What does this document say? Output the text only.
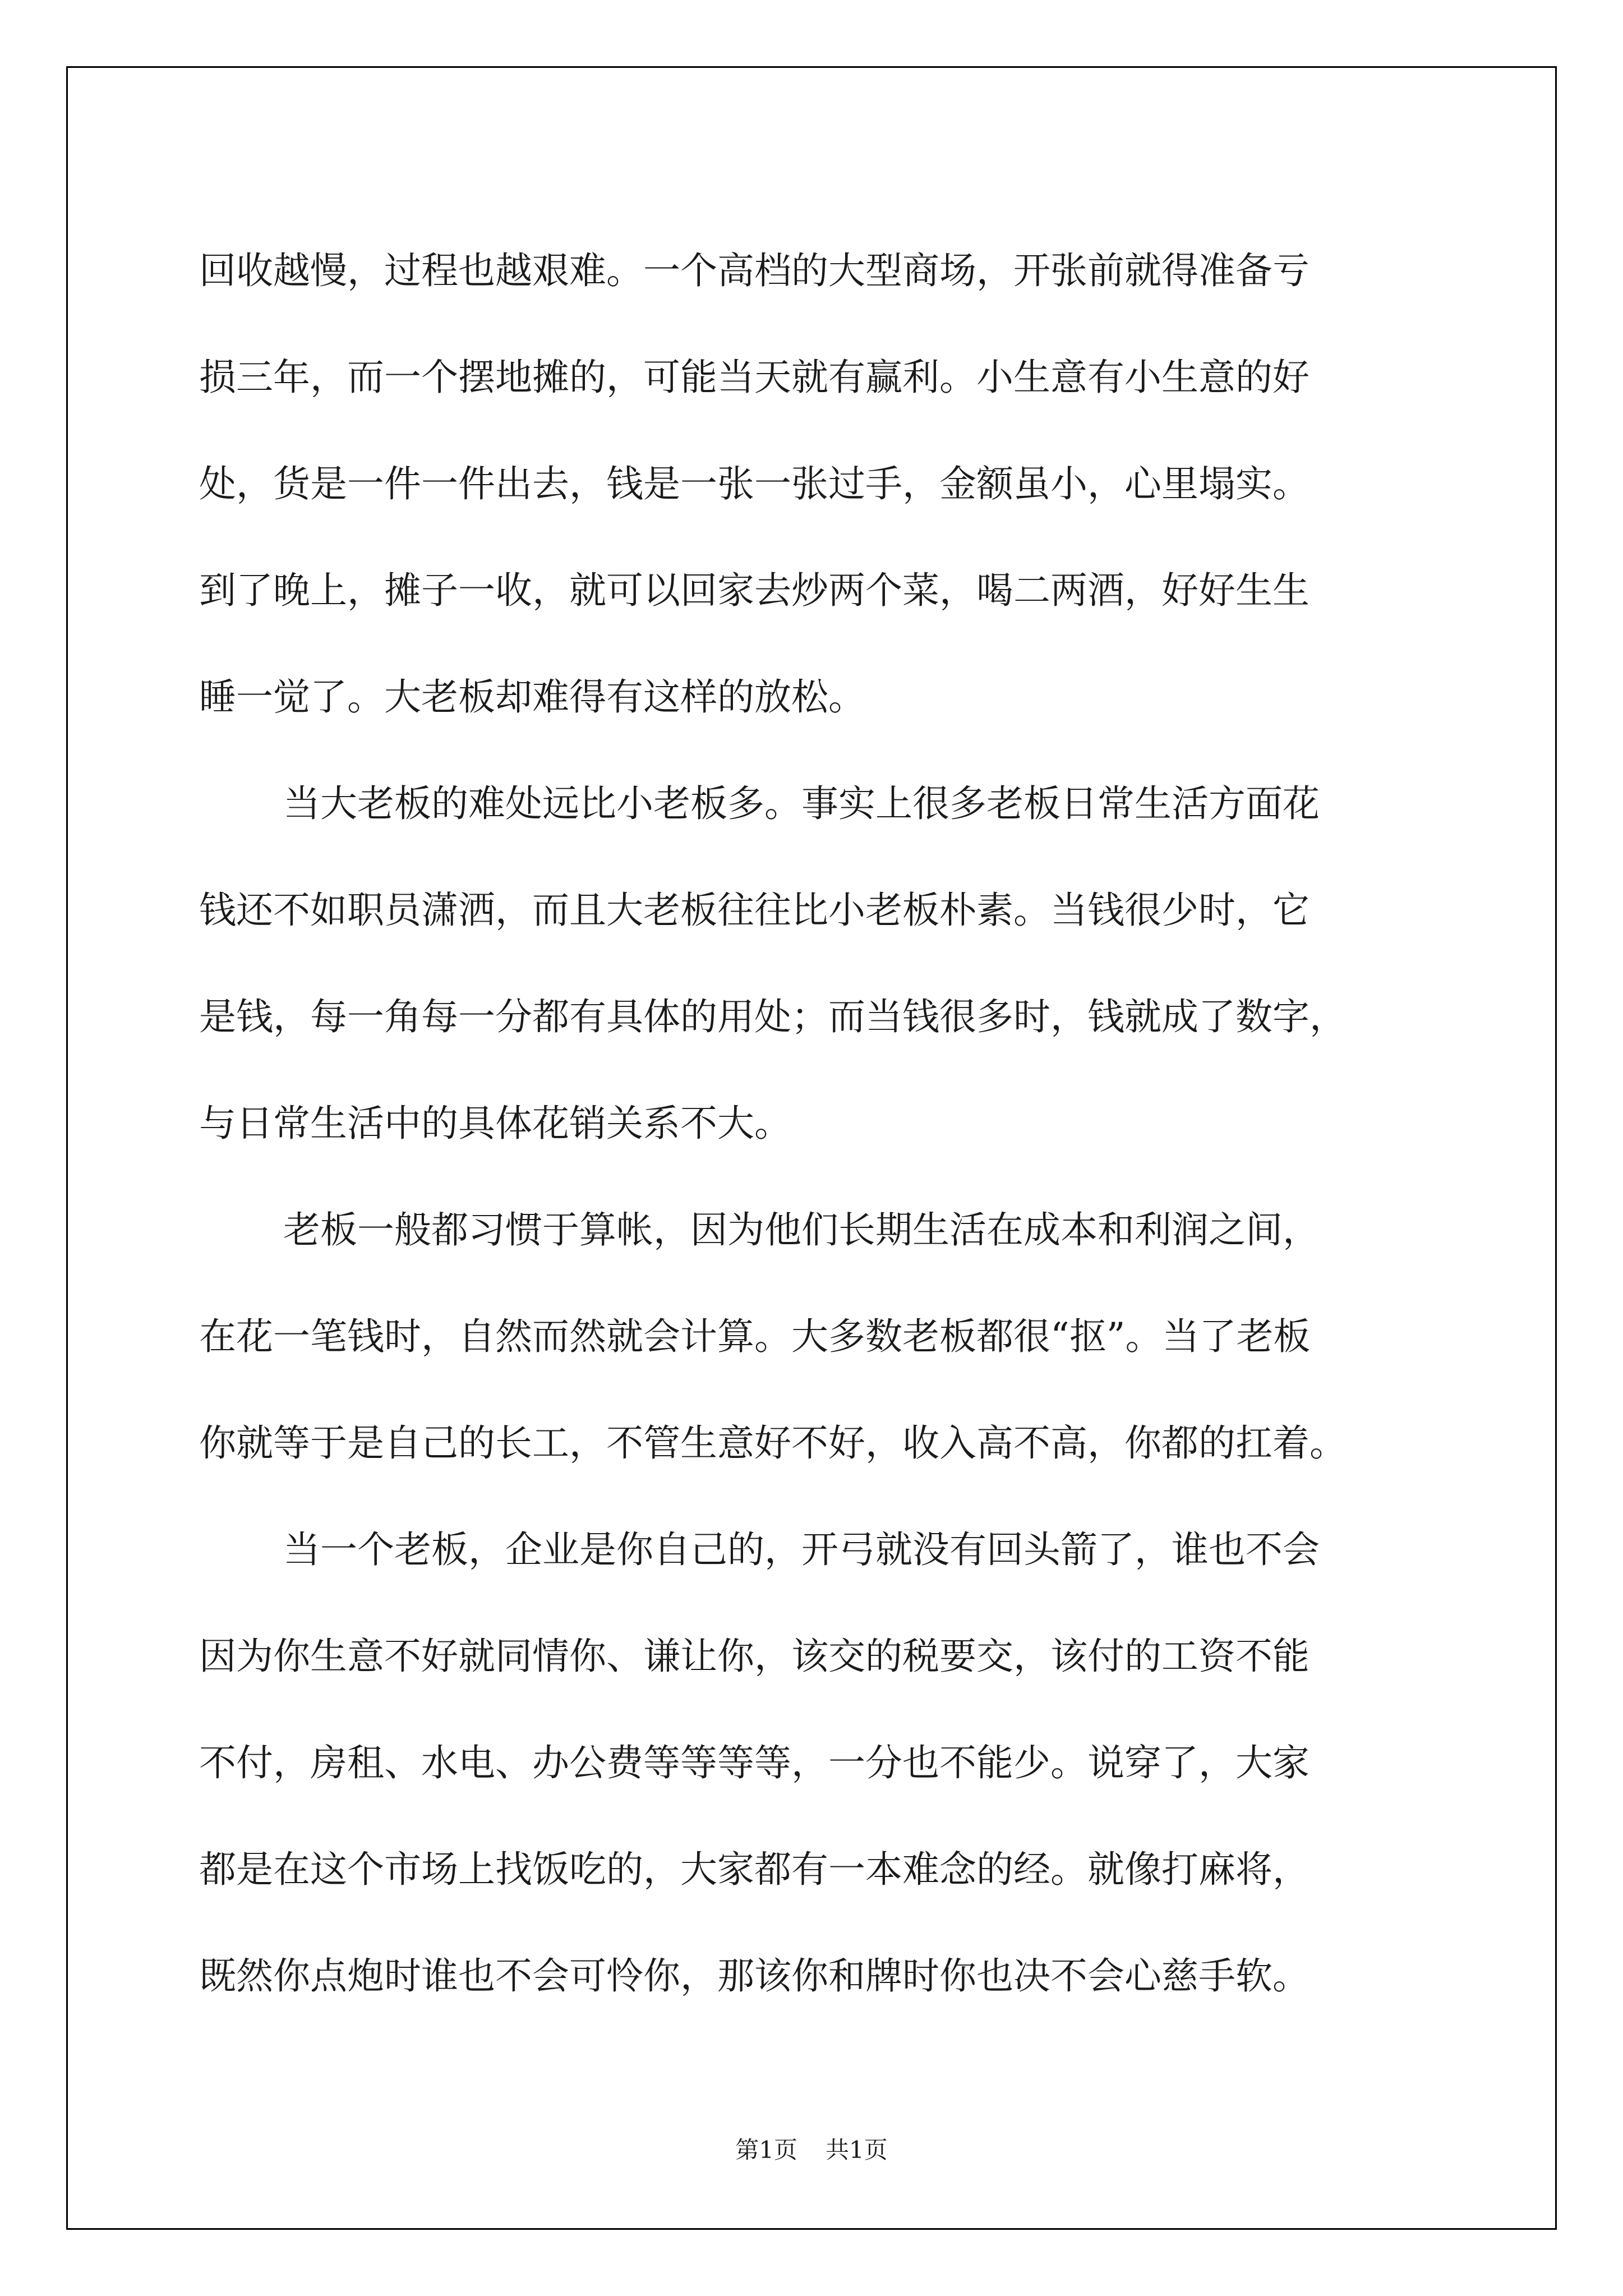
回收越慢，过程也越艰难。一个高档的大型商场，开张前就得准备亏
损三年，而一个摆地摊的，可能当天就有赢利。小生意有小生意的好
处，货是一件一件出去，钱是一张一张过手，金额虽小，心里塌实。
到了晚上，摊子一收，就可以回家去炒两个菜，喝二两酒，好好生生
睡一觉了。大老板却难得有这样的放松。
当大老板的难处远比小老板多。事实上很多老板日常生活方面花
钱还不如职员潇洒，而且大老板往往比小老板朴素。当钱很少时，它
是钱，每一角每一分都有具体的用处；而当钱很多时，钱就成了数字，
与日常生活中的具体花销关系不大。
老板一般都习惯于算帐，因为他们长期生活在成本和利润之间，
在花一笔钱时，自然而然就会计算。大多数老板都很“抠”。当了老板
你就等于是自己的长工，不管生意好不好，收入高不高，你都的扛着。
当一个老板，企业是你自己的，开弓就没有回头箭了，谁也不会
因为你生意不好就同情你、谦让你，该交的税要交，该付的工资不能
不付，房租、水电、办公费等等等等，一分也不能少。说穿了，大家
都是在这个市场上找饭吃的，大家都有一本难念的经。就像打麻将，
既然你点炮时谁也不会可怜你，那该你和牌时你也决不会心慈手软。
第1页 共1页
